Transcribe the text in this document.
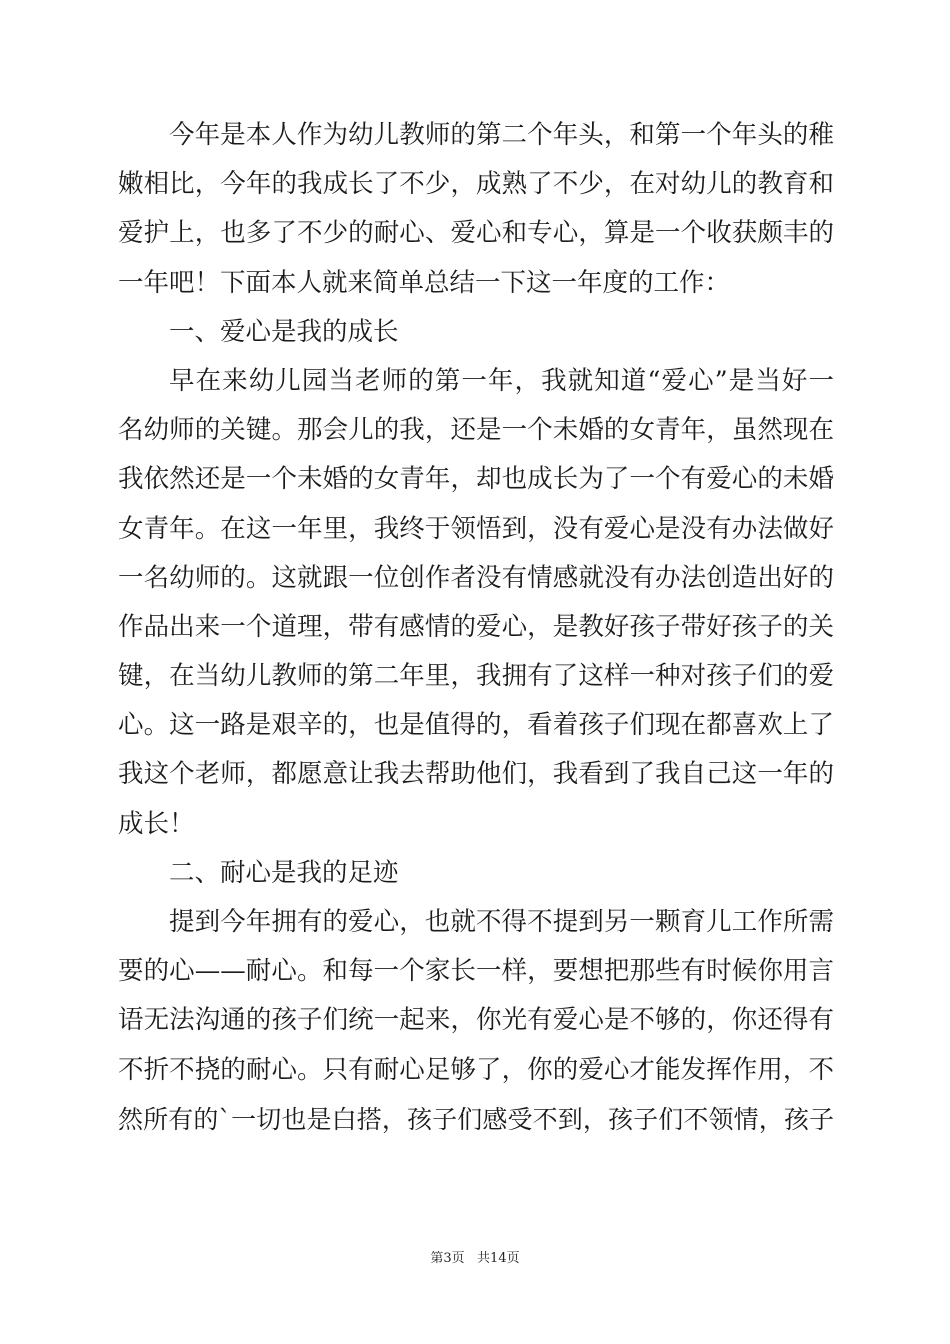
今年是本人作为幼儿教师的第二个年头，和第一个年头的稚
嫩相比，今年的我成长了不少，成熟了不少，在对幼儿的教育和
爱护上，也多了不少的耐心、爱心和专心，算是一个收获颇丰的
一年吧！下面本人就来简单总结一下这一年度的工作：
一、爱心是我的成长
早在来幼儿园当老师的第一年，我就知道“爱心”是当好一
名幼师的关键。那会儿的我，还是一个未婚的女青年，虽然现在
我依然还是一个未婚的女青年，却也成长为了一个有爱心的未婚
女青年。在这一年里，我终于领悟到，没有爱心是没有办法做好
一名幼师的。这就跟一位创作者没有情感就没有办法创造出好的
作品出来一个道理，带有感情的爱心，是教好孩子带好孩子的关
键，在当幼儿教师的第二年里，我拥有了这样一种对孩子们的爱
心。这一路是艰辛的，也是值得的，看着孩子们现在都喜欢上了
我这个老师，都愿意让我去帮助他们，我看到了我自己这一年的
成长！
二、耐心是我的足迹
提到今年拥有的爱心，也就不得不提到另一颗育儿工作所需
要的心——耐心。和每一个家长一样，要想把那些有时候你用言
语无法沟通的孩子们统一起来，你光有爱心是不够的，你还得有
不折不挠的耐心。只有耐心足够了，你的爱心才能发挥作用，不
然所有的`一切也是白搭，孩子们感受不到，孩子们不领情，孩子
第3页   共14页
